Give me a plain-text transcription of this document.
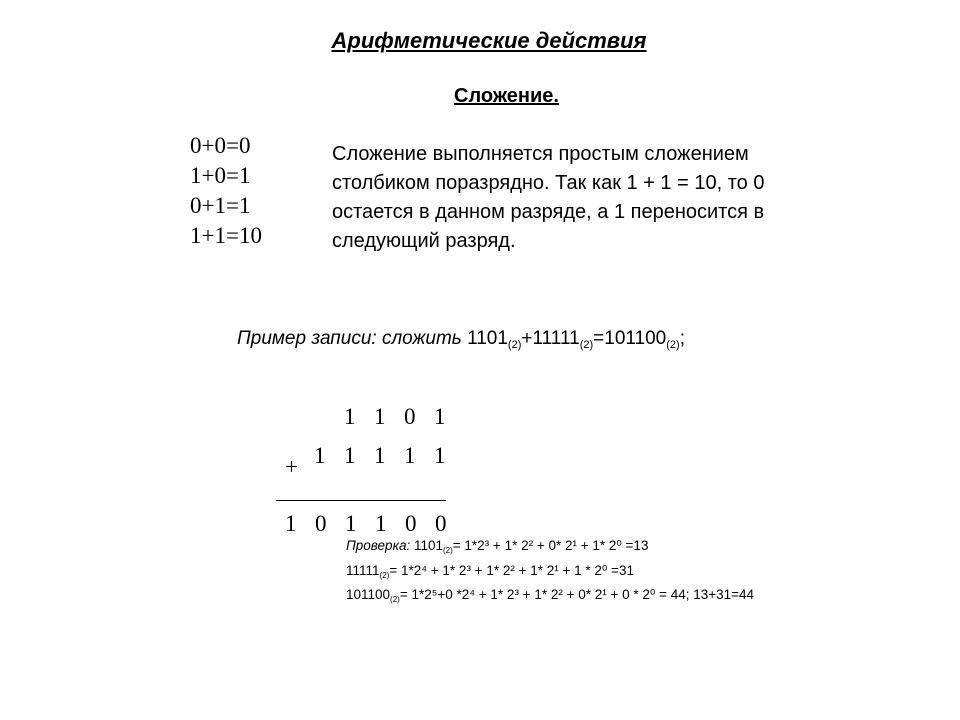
Арифметические действия
Сложение.
0+0=0
1+0=1
0+1=1
1+1=10
Сложение выполняется простым сложением столбиком поразрядно. Так как 1 + 1 = 10, то 0 остается в данном разряде, а 1 переносится в следующий разряд.
Пример записи: сложить $1101_{(2)}+11111_{(2)}=101100_{(2)}$;
1 1 0 1
+ 1 1 1 1 1
1 0 1 1 0 0
Проверка: $1101_{(2)}= 1*2^3 + 1*$ 2² + 0* 2¹ + 1* 2⁰ =13
$11111_{(2)}= 1*2^4 + 1*$ 2³ + 1* 2² + 1* 2¹ + 1 * 2⁰ =31
$101100_{(2)}= 1*2^5+0$ *2⁴ + 1* 2³ + 1* 2² + 0* 2¹ + 0 * 2⁰ = 44; 13+31=44
